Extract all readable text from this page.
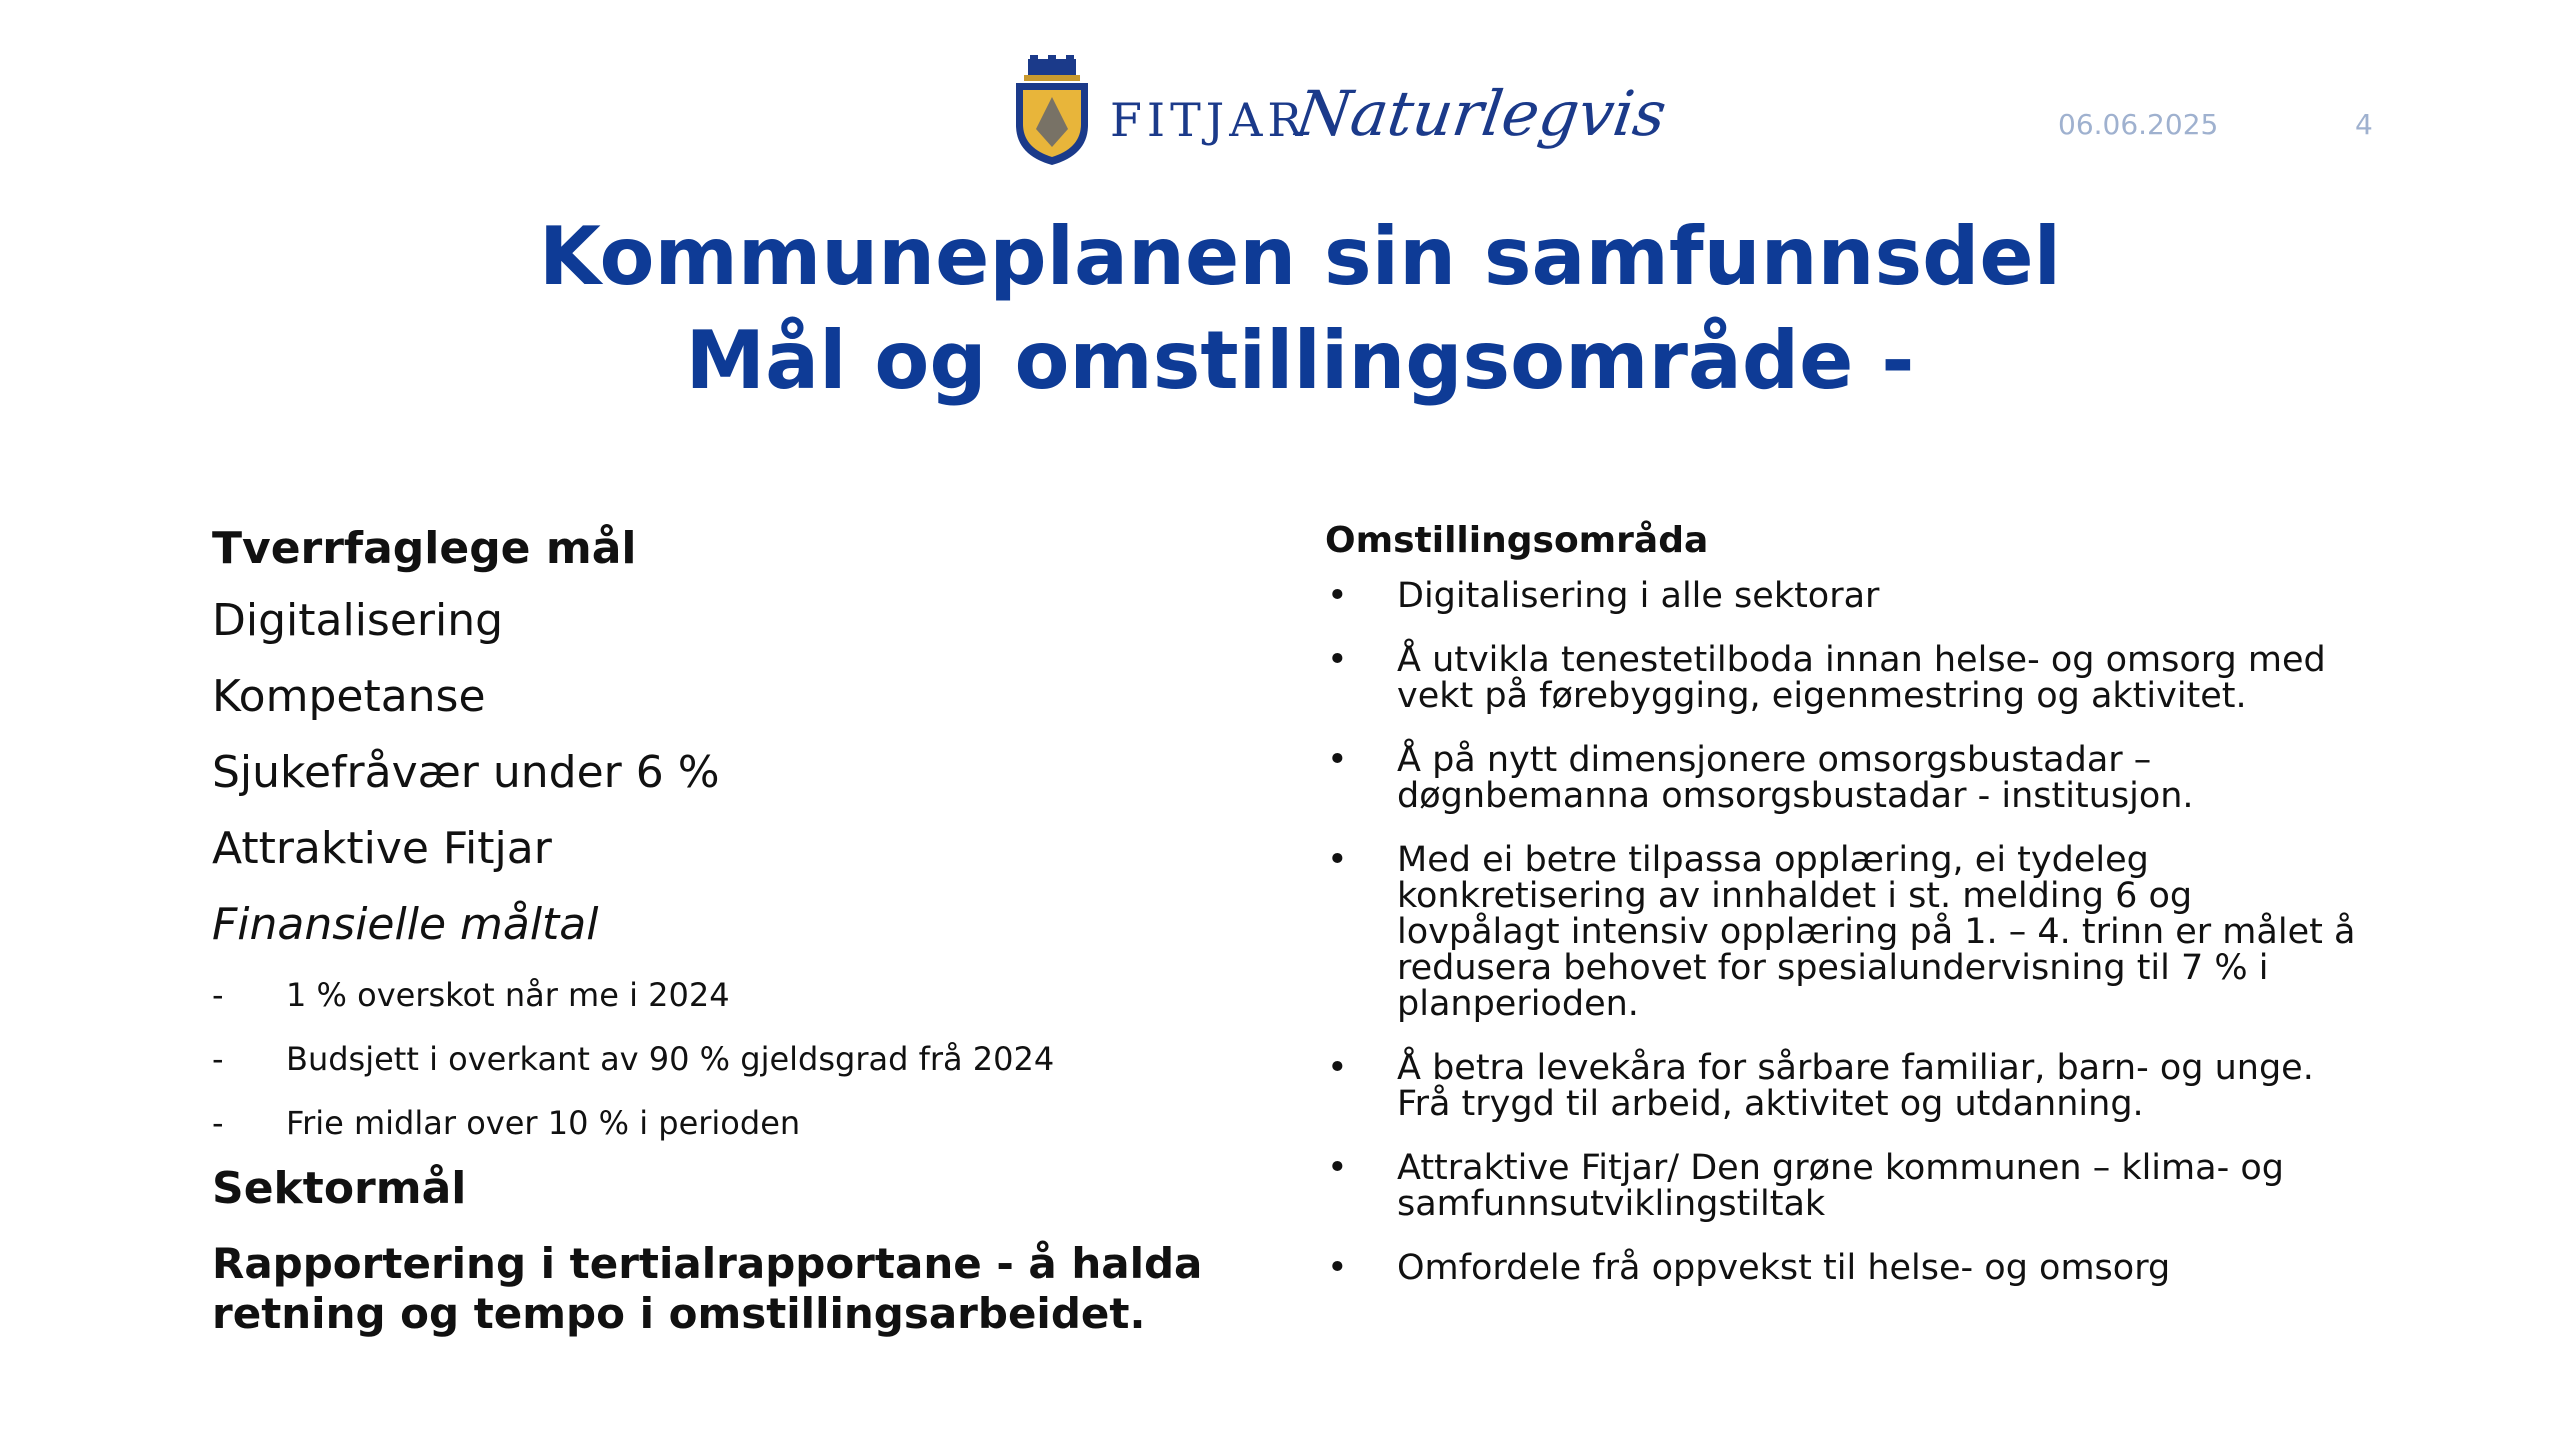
FITJAR
Naturlegvis	06.06.2025	4
Kommuneplanen sin samfunnsdel
Mål og omstillingsområde -
Tverrfaglege mål
Digitalisering
Kompetanse
Sjukefråvær under 6 %
Attraktive Fitjar
Finansielle måltal
- 1 % overskot når me i 2024
- Budsjett i overkant av 90 % gjeldsgrad frå 2024
- Frie midlar over 10 % i perioden
Sektormål
Rapportering i tertialrapportane - å halda
retning og tempo i omstillingsarbeidet.
Omstillingsområda
• Digitalisering i alle sektorar
• Å utvikla tenestetilboda innan helse- og omsorg med
vekt på førebygging, eigenmestring og aktivitet.
• Å på nytt dimensjonere omsorgsbustadar –
døgnbemanna omsorgsbustadar - institusjon.
• Med ei betre tilpassa opplæring, ei tydeleg
konkretisering av innhaldet i st. melding 6 og
lovpålagt intensiv opplæring på 1. – 4. trinn er målet å
redusera behovet for spesialundervisning til 7 % i
planperioden.
• Å betra levekåra for sårbare familiar, barn- og unge.
Frå trygd til arbeid, aktivitet og utdanning.
• Attraktive Fitjar/ Den grøne kommunen – klima- og
samfunnsutviklingstiltak
• Omfordele frå oppvekst til helse- og omsorg
